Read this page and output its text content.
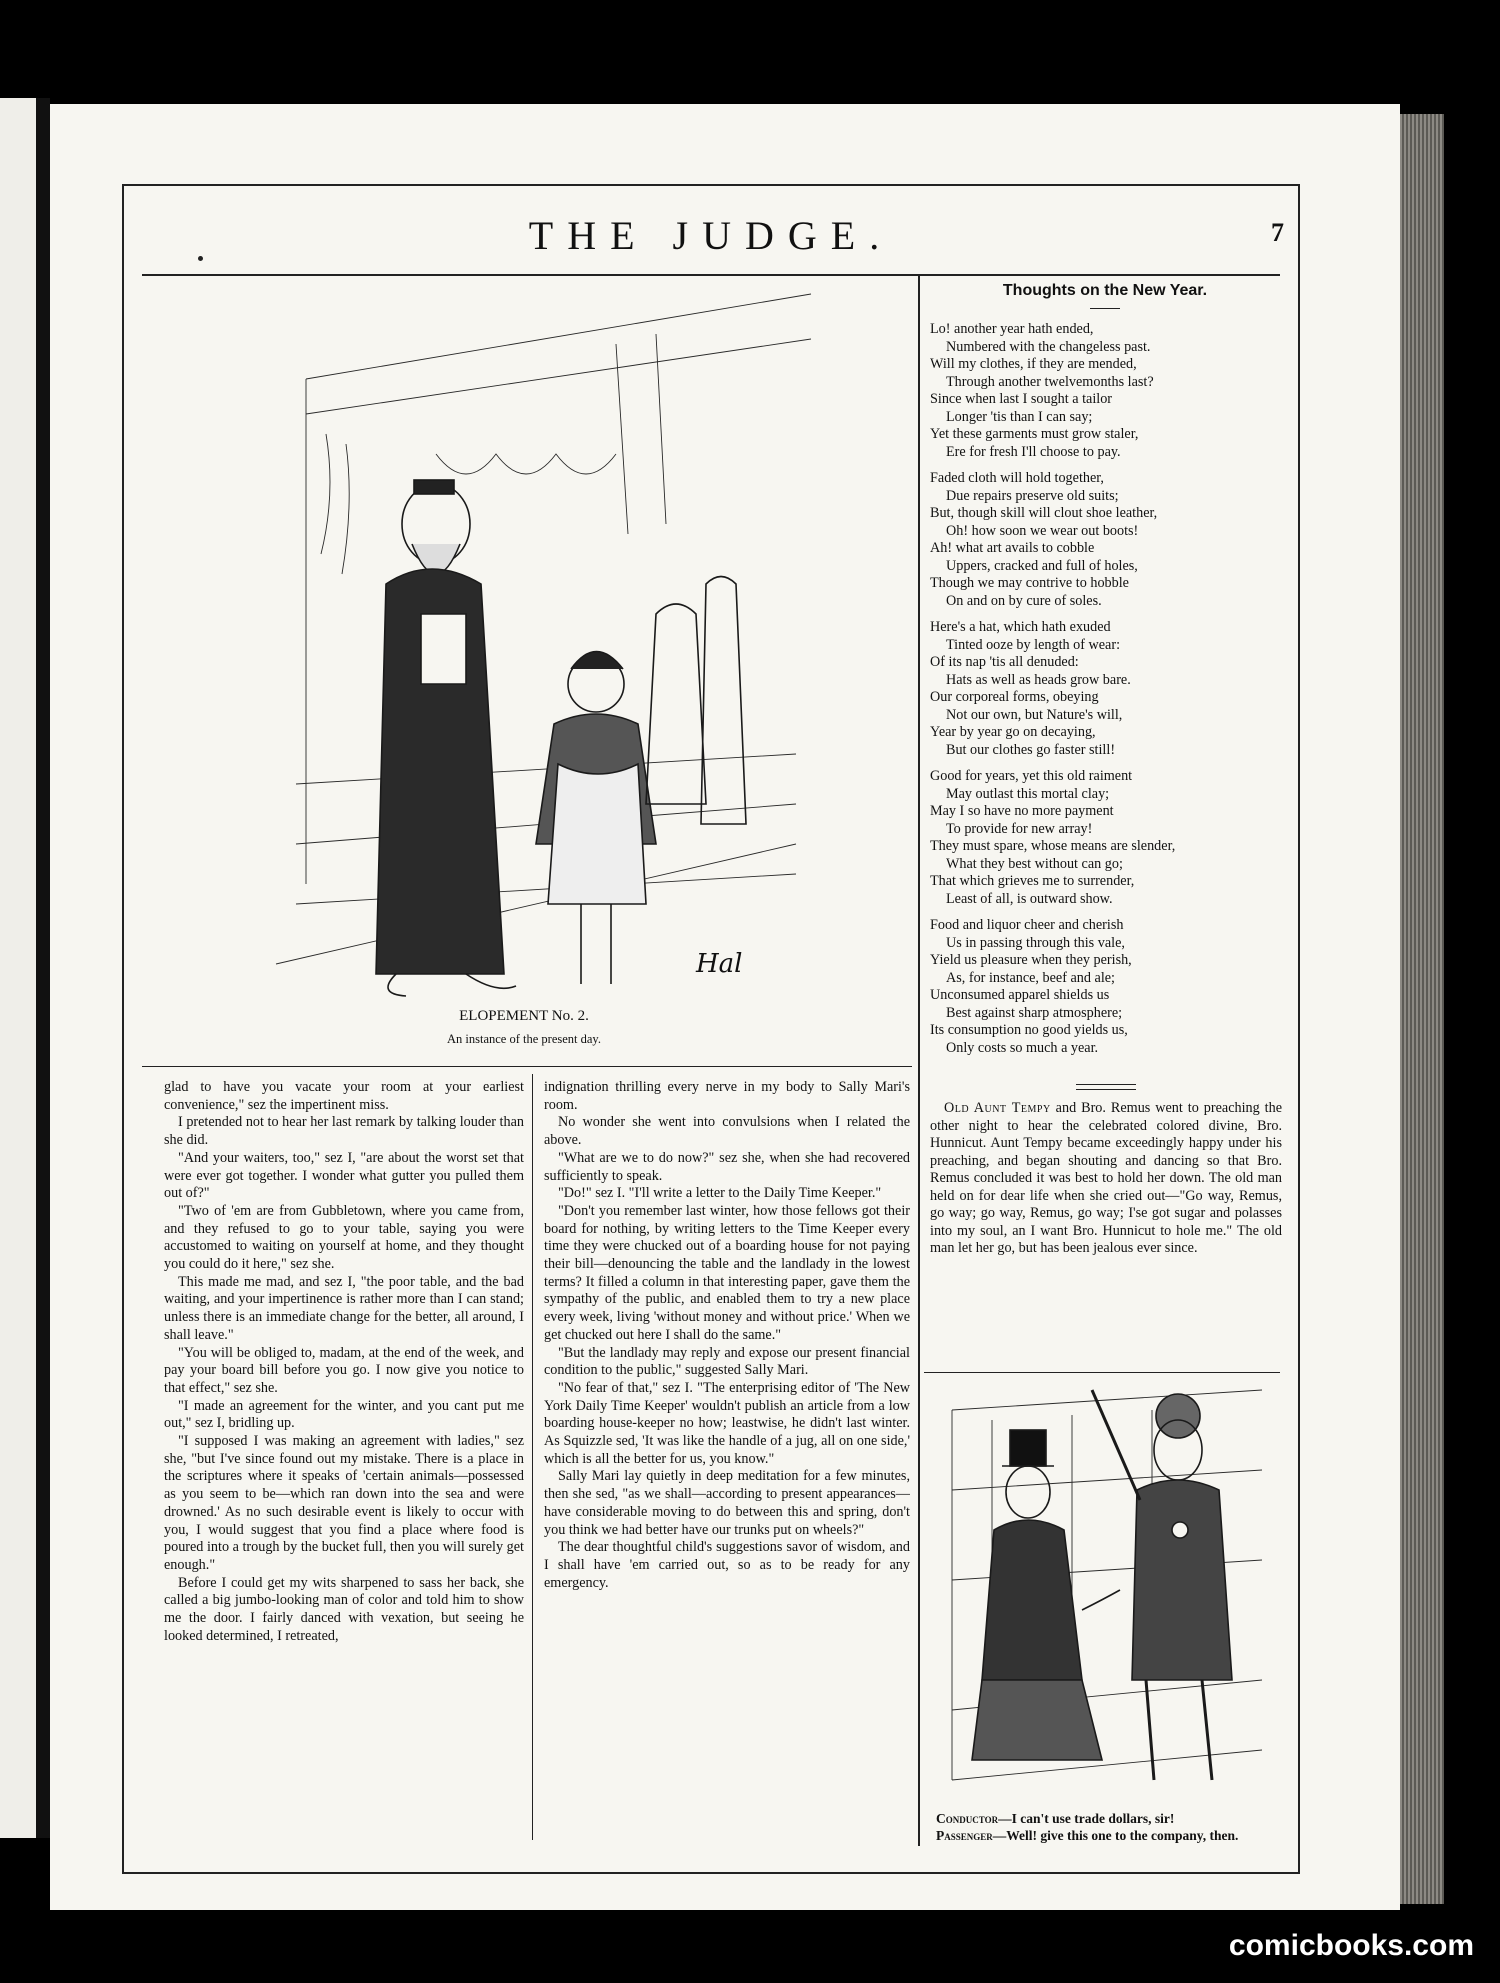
THE JUDGE.	7
Hal
ELOPEMENT No. 2.
An instance of the present day.

glad to have you vacate your room at your earliest convenience," sez the impertinent miss.

I pretended not to hear her last remark by talking louder than she did.

"And your waiters, too," sez I, "are about the worst set that were ever got together. I wonder what gutter you pulled them out of?"

"Two of 'em are from Gubbletown, where you came from, and they refused to go to your table, saying you were accustomed to waiting on yourself at home, and they thought you could do it here," sez she.

This made me mad, and sez I, "the poor table, and the bad waiting, and your impertinence is rather more than I can stand; unless there is an immediate change for the better, all around, I shall leave."

"You will be obliged to, madam, at the end of the week, and pay your board bill before you go. I now give you notice to that effect," sez she.

"I made an agreement for the winter, and you cant put me out," sez I, bridling up.

"I supposed I was making an agreement with ladies," sez she, "but I've since found out my mistake. There is a place in the scriptures where it speaks of 'certain animals—possessed as you seem to be—which ran down into the sea and were drowned.' As no such desirable event is likely to occur with you, I would suggest that you find a place where food is poured into a trough by the bucket full, then you will surely get enough."

Before I could get my wits sharpened to sass her back, she called a big jumbo-looking man of color and told him to show me the door. I fairly danced with vexation, but seeing he looked determined, I retreated,

indignation thrilling every nerve in my body to Sally Mari's room.

No wonder she went into convulsions when I related the above.

"What are we to do now?" sez she, when she had recovered sufficiently to speak.

"Do!" sez I. "I'll write a letter to the Daily Time Keeper."

"Don't you remember last winter, how those fellows got their board for nothing, by writing letters to the Time Keeper every time they were chucked out of a boarding house for not paying their bill—denouncing the table and the landlady in the lowest terms? It filled a column in that interesting paper, gave them the sympathy of the public, and enabled them to try a new place every week, living 'without money and without price.' When we get chucked out here I shall do the same."

"But the landlady may reply and expose our present financial condition to the public," suggested Sally Mari.

"No fear of that," sez I. "The enterprising editor of 'The New York Daily Time Keeper' wouldn't publish an article from a low boarding house-keeper no how; leastwise, he didn't last winter. As Squizzle sed, 'It was like the handle of a jug, all on one side,' which is all the better for us, you know."

Sally Mari lay quietly in deep meditation for a few minutes, then she sed, "as we shall—according to present appearances—have considerable moving to do between this and spring, don't you think we had better have our trunks put on wheels?"

The dear thoughtful child's suggestions savor of wisdom, and I shall have 'em carried out, so as to be ready for any emergency.

Thoughts on the New Year.
Lo! another year hath ended,
Numbered with the changeless past.
Will my clothes, if they are mended,
Through another twelvemonths last?
Since when last I sought a tailor
Longer 'tis than I can say;
Yet these garments must grow staler,
Ere for fresh I'll choose to pay.
Faded cloth will hold together,
Due repairs preserve old suits;
But, though skill will clout shoe leather,
Oh! how soon we wear out boots!
Ah! what art avails to cobble
Uppers, cracked and full of holes,
Though we may contrive to hobble
On and on by cure of soles.
Here's a hat, which hath exuded
Tinted ooze by length of wear:
Of its nap 'tis all denuded:
Hats as well as heads grow bare.
Our corporeal forms, obeying
Not our own, but Nature's will,
Year by year go on decaying,
But our clothes go faster still!
Good for years, yet this old raiment
May outlast this mortal clay;
May I so have no more payment
To provide for new array!
They must spare, whose means are slender,
What they best without can go;
That which grieves me to surrender,
Least of all, is outward show.
Food and liquor cheer and cherish
Us in passing through this vale,
Yield us pleasure when they perish,
As, for instance, beef and ale;
Unconsumed apparel shields us
Best against sharp atmosphere;
Its consumption no good yields us,
Only costs so much a year.

Old Aunt Tempy and Bro. Remus went to preaching the other night to hear the celebrated colored divine, Bro. Hunnicut. Aunt Tempy became exceedingly happy under his preaching, and began shouting and dancing so that Bro. Remus concluded it was best to hold her down. The old man held on for dear life when she cried out—"Go way, Remus, go way; go way, Remus, go way; I'se got sugar and polasses into my soul, an I want Bro. Hunnicut to hole me." The old man let her go, but has been jealous ever since.

Conductor—I can't use trade dollars, sir!
Passenger—Well! give this one to the company, then.
comicbooks.com
